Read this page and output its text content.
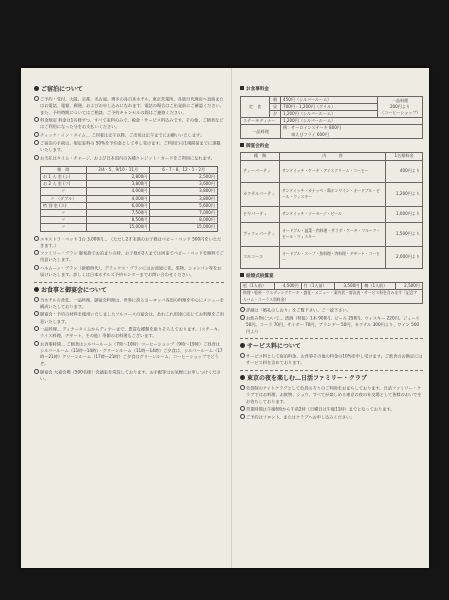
ご宿泊について
ご予約・受付、大阪、京都、名古屋、博多の各日本ホテル、東京営業所、各旅行代理店へ直接またはお電話、電報、郵便、およびお申し込みになれます。電話の場合はご出発前にご確認ください。また、予約時期についてはご相談、ご予約キャンセルの際はご連絡ください。
料金規定 料金は1名様ずつ、すべて室料のみで、税金・サービス料込みです。その他、ご朝食などはご利用になった分をお支払いください。
チェック・イン・タイム… ご到着は正午以降、ご出発は正午までにお願いいたします。
ご宿泊の手続は、規定室料の 50%を予約金として申し受けます。ご利用日の1週間前までに頂戴いたします。
お支払はタイム・チャージ、および日本国内の各種クレジット・カードをご利用になれます。
期　間	3/4・5、9/10・11月	6・7・8、12・1・2月
お 1 人 室 (シ)	2,800円	2,500円
お 2 人 室 (ツ)	3,800円	3,600円
〃	4,000円	3,800円
〃 （ダブル）	4,000円	3,800円
特 別 室 (ス)	6,000円	5,600円
〃	7,500円	7,000円
〃	8,500円	8,000円
〃	15,000円	15,000円
エキストラ・ベッド 1台 3,000円… （ただし2才未満のお子様はベビー・ベッド 500円をいただきます。）
ファミリー・プラン 御家族でお泊まりの時、お子様が2人までは同室でベビー・ベッドを無料でご用意いたします。
ハネムーン・プラン（新婚時代）、デラックス・プランにはお部屋に花、果物、シャンパン等をお届けいたします。詳しくは日本ホテルズ予約センターまでお問い合わせください。
お食事と御宴会について
当ホテルの食堂、一品料理、御宴会料理は、世界に誇るヨーロッパ各国の料理を中心にメニューを構成いたしております。
御宴会・予約の材料を使用いたしましたフルコースの宴会は、あれこれ用途に応じてお料理をご用意いたします。
一品料理… ディナータイムからディナーまで、豊富な種類を取りそろえております。（ステーキ、ライス料理、デザート、その他）季節のお料理もございます。
お食事時間… ご朝食はシルバールーム（7時〜10時）コーヒーショップ（9時〜19時）ご昼食はシルバールーム（11時〜14時）・グリーンルーム（11時〜14時）ご夕食は、シルバールーム（17時〜21時）グリーンルーム（17時〜21時）ご夕食はグリーンルーム、コーヒーショップでどうぞ。
御宴会 大宴会場（500名様）会議室を常設しております。お手配等はお気軽にお申しつけください。
お食事料金
定　食	朝	450円（シルバールーム）	一品料理
200円より
（コーヒーショップ）
	昼	700円・1,200円（グリル）	
	夕	1,200円（シルバールーム）	
ステーキディナー		1,200円（シルバールーム）	
一品料理		例：サーロインステーキ 800円
　　車えびフライ 600円	
御宴会料金
種　類	内　　　容	1名様料金
ティーパーティ	サンドイッチ・ケーキ・アイスクリーム・コーヒー	400円より
カクテルパーティ	サンドイッチ・カナッペ・鶏ホンワイン・オードブル・ビール・ウィスキー	1,200円より
ビヤパーティ	サンドイッチ・ソーセージ・ビール	1,000円より
ブッフェパーティ	オードブル・温菜・肉料理・サラダ・ケーキ・フルーツ・ビール・ウィスキー	1,500円より
フルコース	オードブル・スープ・魚料理・肉料理・デザート・コーヒー	2,000円より
結婚式披露宴
松（1人前）	4,500円	竹（1人前）	3,500円	梅（1人前）	2,500円
料理・乾杯・ウエディングケーキ・盛花・メニュー・案内状・席次表・サービス料を含みます（記念アルバム・コーラス別料金）
詳細は「婚礼のしおり」をご覧下さい。ご一読下さい。
お飲み物について… 清酒（特級）1本 900円、ビール 250円、ウィスキー 220円、ジュース 50円、コーラ 70円、サイダー 70円、ブランデー 50円、カクテル 300円より、ワイン 500円より
サービス料について
サービス料として宿泊料金、お食事その他の料金の10%を申し受けます。ご飲食のお勘定にはサービス料を含めております。
東京の夜を楽しむ…日活ファミリー・クラブ
会員制のナイトクラブとして会員の方々のご利用をおまちしております。日活ファミリー・クラブではお料理、お飲物、ショウ、すべてが楽しめる東京の夜の社交場として皆様のおいでをお待ちしております。
営業時間は午後6時から午前2時（日曜日は午後11時）までとなっております。
ご予約はフロント、またはクラブへお申し込みください。
